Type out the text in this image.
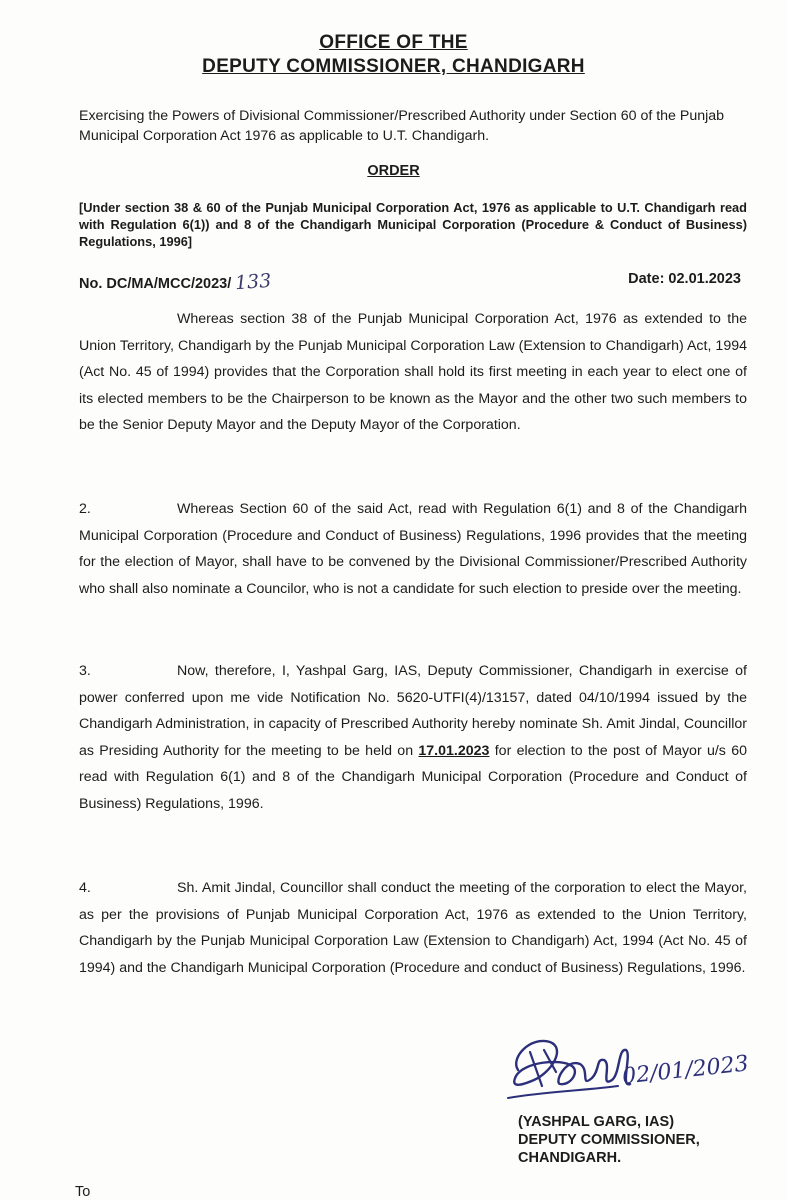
OFFICE OF THE
DEPUTY COMMISSIONER, CHANDIGARH
Exercising the Powers of Divisional Commissioner/Prescribed Authority under Section 60 of the Punjab Municipal Corporation Act 1976 as applicable to U.T. Chandigarh.
ORDER
[Under section 38 & 60 of the Punjab Municipal Corporation Act, 1976 as applicable to U.T. Chandigarh read with Regulation 6(1)) and 8 of the Chandigarh Municipal Corporation (Procedure & Conduct of Business) Regulations, 1996]
No. DC/MA/MCC/2023/ 133	Date: 02.01.2023
Whereas section 38 of the Punjab Municipal Corporation Act, 1976 as extended to the Union Territory, Chandigarh by the Punjab Municipal Corporation Law (Extension to Chandigarh) Act, 1994 (Act No. 45 of 1994) provides that the Corporation shall hold its first meeting in each year to elect one of its elected members to be the Chairperson to be known as the Mayor and the other two such members to be the Senior Deputy Mayor and the Deputy Mayor of the Corporation.
2.	Whereas Section 60 of the said Act, read with Regulation 6(1) and 8 of the Chandigarh Municipal Corporation (Procedure and Conduct of Business) Regulations, 1996 provides that the meeting for the election of Mayor, shall have to be convened by the Divisional Commissioner/Prescribed Authority who shall also nominate a Councilor, who is not a candidate for such election to preside over the meeting.
3.	Now, therefore, I, Yashpal Garg, IAS, Deputy Commissioner, Chandigarh in exercise of power conferred upon me vide Notification No. 5620-UTFI(4)/13157, dated 04/10/1994 issued by the Chandigarh Administration, in capacity of Prescribed Authority hereby nominate Sh. Amit Jindal, Councillor as Presiding Authority for the meeting to be held on 17.01.2023 for election to the post of Mayor u/s 60 read with Regulation 6(1) and 8 of the Chandigarh Municipal Corporation (Procedure and Conduct of Business) Regulations, 1996.
4.	Sh. Amit Jindal, Councillor shall conduct the meeting of the corporation to elect the Mayor, as per the provisions of Punjab Municipal Corporation Act, 1976 as extended to the Union Territory, Chandigarh by the Punjab Municipal Corporation Law (Extension to Chandigarh) Act, 1994 (Act No. 45 of 1994) and the Chandigarh Municipal Corporation (Procedure and conduct of Business) Regulations, 1996.
02/01/2023
(YASHPAL GARG, IAS)
DEPUTY COMMISSIONER,
CHANDIGARH.
To
